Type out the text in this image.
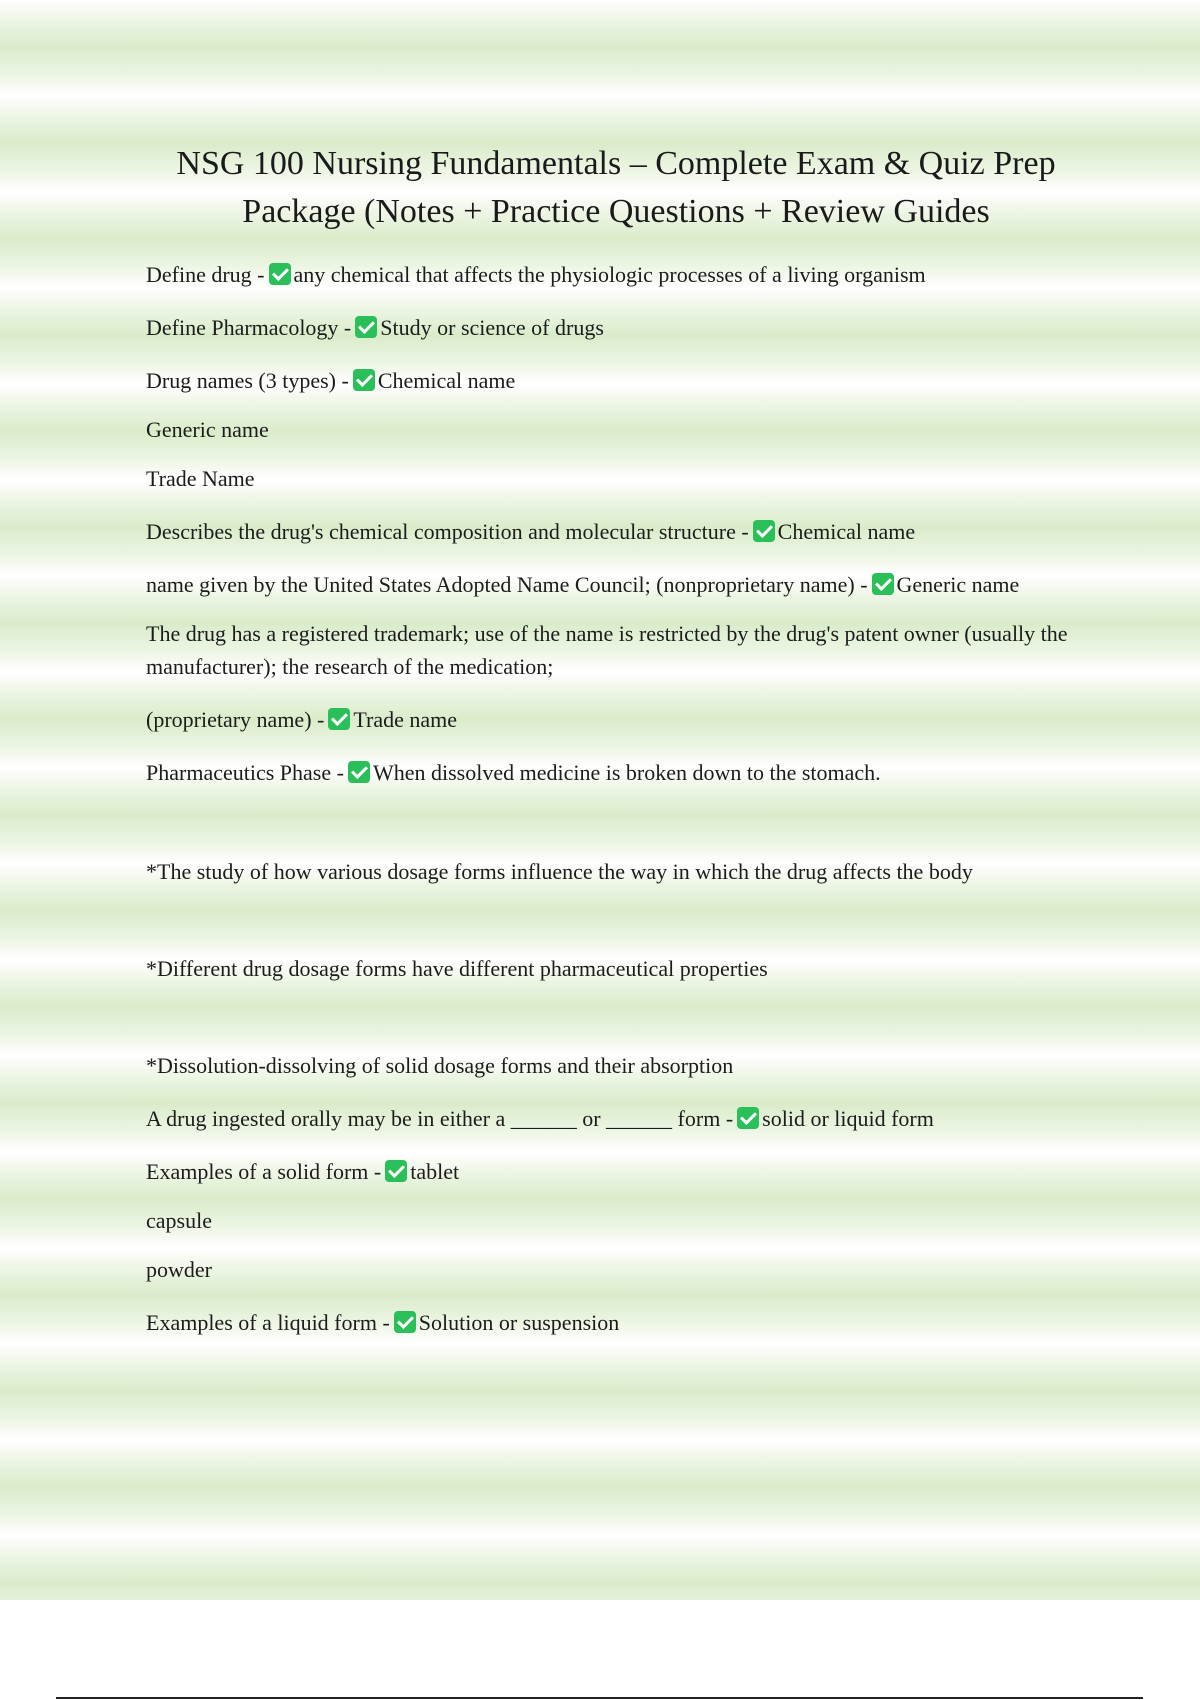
NSG 100 Nursing Fundamentals – Complete Exam & Quiz Prep Package (Notes + Practice Questions + Review Guides

Define drug - any chemical that affects the physiologic processes of a living organism

Define Pharmacology - Study or science of drugs

Drug names (3 types) - Chemical name

Generic name

Trade Name

Describes the drug's chemical composition and molecular structure - Chemical name

name given by the United States Adopted Name Council; (nonproprietary name) - Generic name

The drug has a registered trademark; use of the name is restricted by the drug's patent owner (usually the manufacturer); the research of the medication;

(proprietary name) - Trade name

Pharmaceutics Phase - When dissolved medicine is broken down to the stomach.

*The study of how various dosage forms influence the way in which the drug affects the body

*Different drug dosage forms have different pharmaceutical properties

*Dissolution-dissolving of solid dosage forms and their absorption

A drug ingested orally may be in either a ______ or ______ form - solid or liquid form

Examples of a solid form - tablet

capsule

powder

Examples of a liquid form - Solution or suspension
